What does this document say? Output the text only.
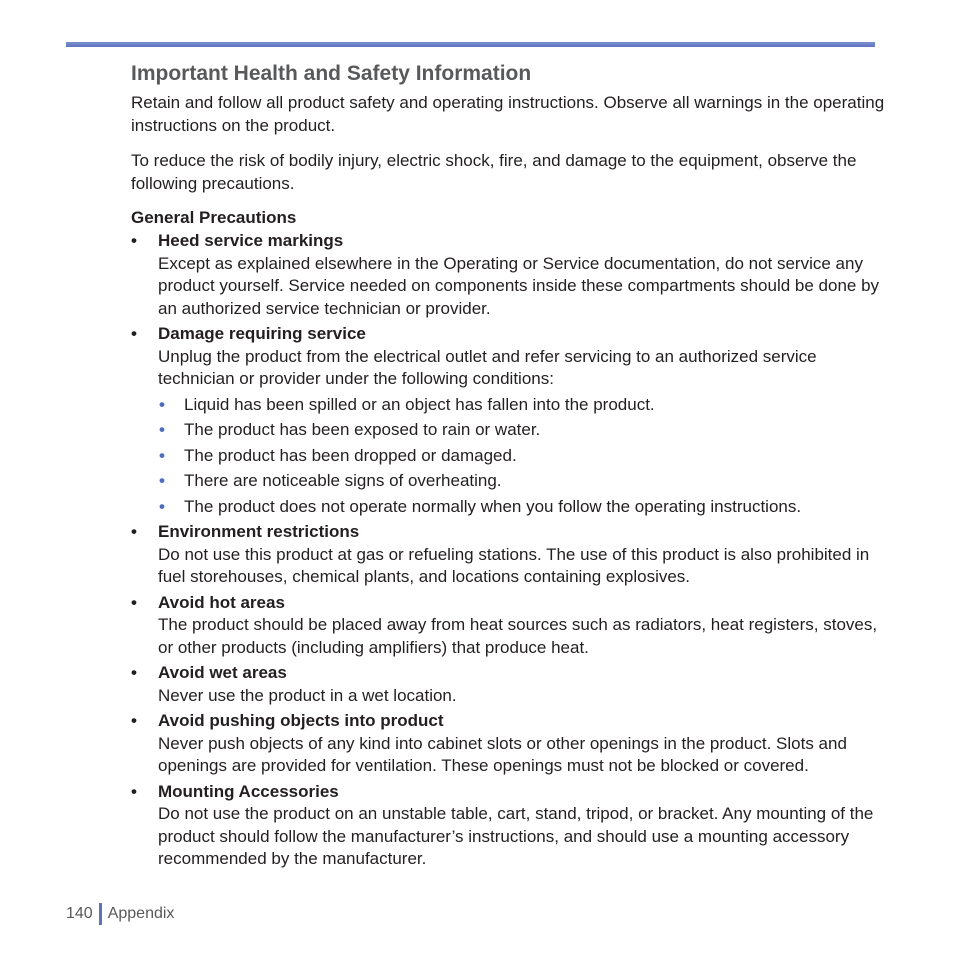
Important Health and Safety Information

Retain and follow all product safety and operating instructions. Observe all warnings in the operating instructions on the product.

To reduce the risk of bodily injury, electric shock, fire, and damage to the equipment, observe the following precautions.

General Precautions
• Heed service markings
Except as explained elsewhere in the Operating or Service documentation, do not service any product yourself. Service needed on components inside these compartments should be done by an authorized service technician or provider.
• Damage requiring service
Unplug the product from the electrical outlet and refer servicing to an authorized service technician or provider under the following conditions:
• Liquid has been spilled or an object has fallen into the product.
• The product has been exposed to rain or water.
• The product has been dropped or damaged.
• There are noticeable signs of overheating.
• The product does not operate normally when you follow the operating instructions.
• Environment restrictions
Do not use this product at gas or refueling stations. The use of this product is also prohibited in fuel storehouses, chemical plants, and locations containing explosives.
• Avoid hot areas
The product should be placed away from heat sources such as radiators, heat registers, stoves, or other products (including amplifiers) that produce heat.
• Avoid wet areas
Never use the product in a wet location.
• Avoid pushing objects into product
Never push objects of any kind into cabinet slots or other openings in the product. Slots and openings are provided for ventilation. These openings must not be blocked or covered.
• Mounting Accessories
Do not use the product on an unstable table, cart, stand, tripod, or bracket. Any mounting of the product should follow the manufacturer’s instructions, and should use a mounting accessory recommended by the manufacturer.
140 Appendix
